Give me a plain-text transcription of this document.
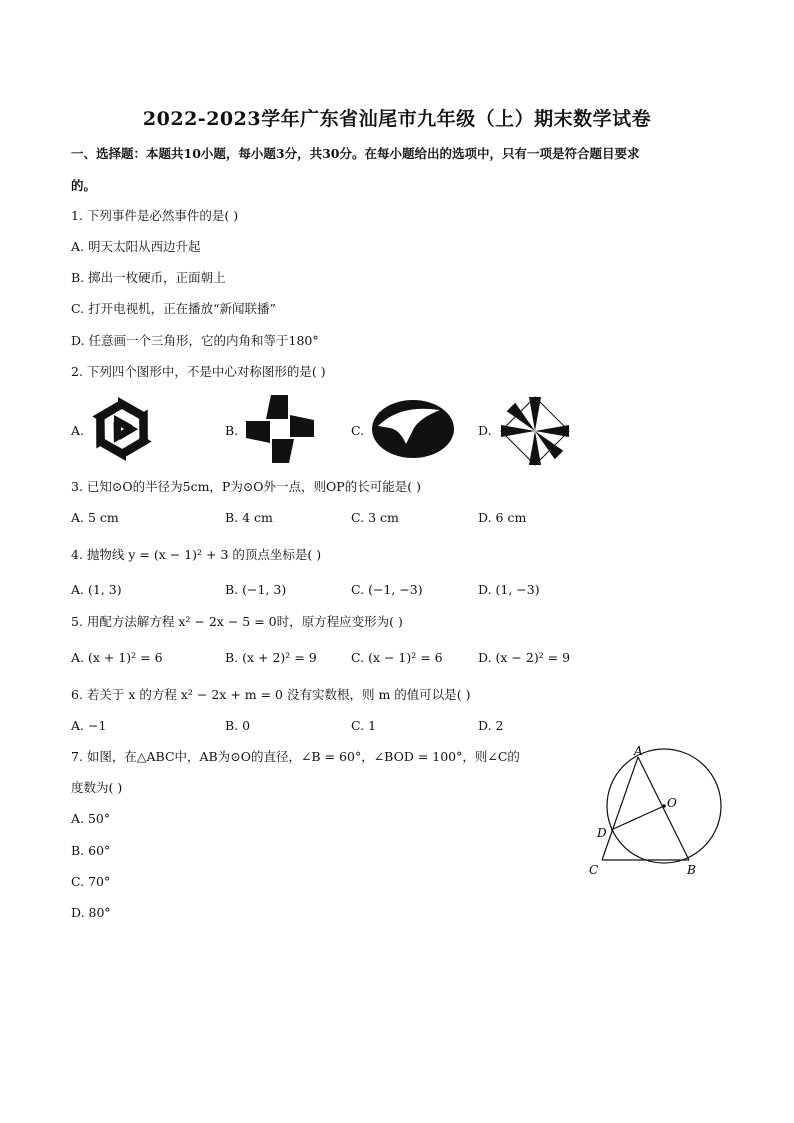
2022-2023学年广东省汕尾市九年级（上）期末数学试卷
一、选择题：本题共10小题，每小题3分，共30分。在每小题给出的选项中，只有一项是符合题目要求
的。
1. 下列事件是必然事件的是( )
A. 明天太阳从西边升起
B. 掷出一枚硬币，正面朝上
C. 打开电视机，正在播放“新闻联播”
D. 任意画一个三角形，它的内角和等于180°
2. 下列四个图形中，不是中心对称图形的是( )
A.	B.	C.	D.
3. 已知⊙O的半径为5cm，P为⊙O外一点，则OP的长可能是( )
A. 5 cm	B. 4 cm	C. 3 cm	D. 6 cm
4. 抛物线 y = (x − 1)² + 3 的顶点坐标是( )
A. (1, 3)	B. (−1, 3)	C. (−1, −3)	D. (1, −3)
5. 用配方法解方程 x² − 2x − 5 = 0时，原方程应变形为( )
A. (x + 1)² = 6	B. (x + 2)² = 9	C. (x − 1)² = 6	D. (x − 2)² = 9
6. 若关于 x 的方程 x² − 2x + m = 0 没有实数根，则 m 的值可以是( )
A. −1	B. 0	C. 1	D. 2
7. 如图，在△ABC中，AB为⊙O的直径，∠B = 60°，∠BOD = 100°，则∠C的
度数为( )
A. 50°
B. 60°
C. 70°
D. 80°
A
O
D
C	B
